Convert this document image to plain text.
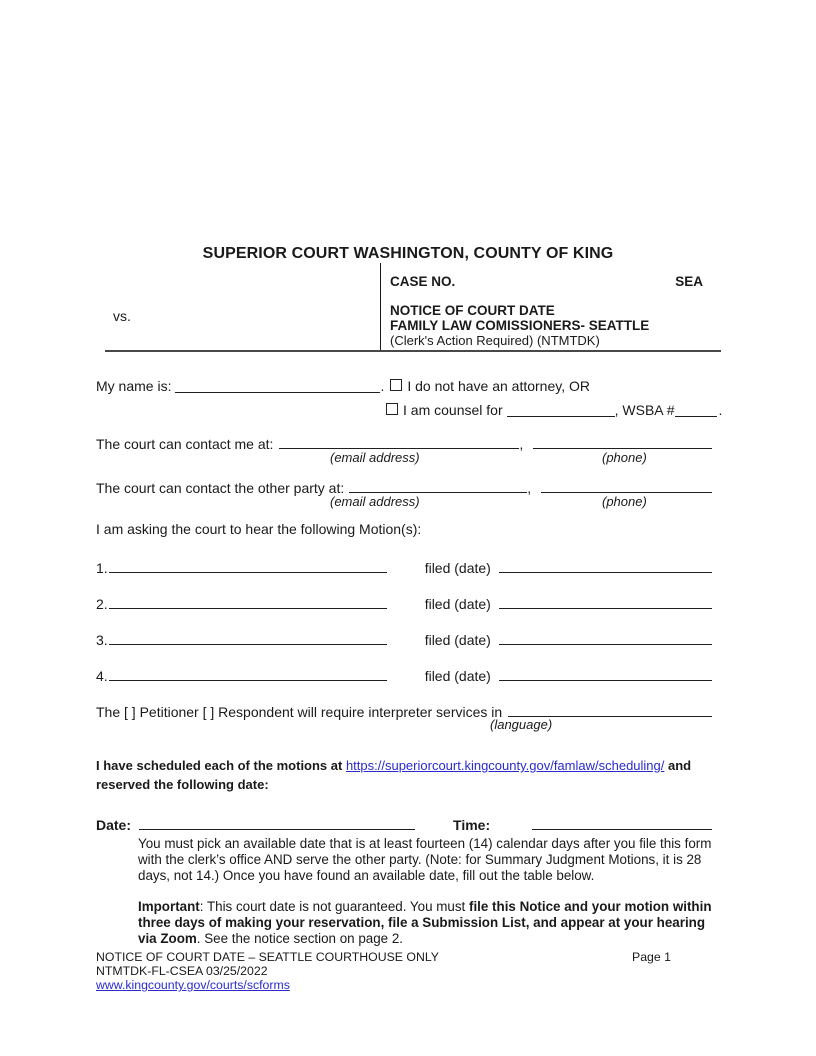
SUPERIOR COURT WASHINGTON, COUNTY OF KING
vs.
CASE NO.	SEA
NOTICE OF COURT DATE
FAMILY LAW COMISSIONERS- SEATTLE
(Clerk's Action Required) (NTMTDK)
My name is:	. I do not have an attorney, OR
I am counsel for	, WSBA #	.
The court can contact me at:	,
(email address)	(phone)
The court can contact the other party at:	,
(email address)	(phone)
I am asking the court to hear the following Motion(s):
1.	filed (date)
2.	filed (date)
3.	filed (date)
4.	filed (date)
The [ ] Petitioner [ ] Respondent will require interpreter services in
(language)
I have scheduled each of the motions at https://superiorcourt.kingcounty.gov/famlaw/scheduling/ and
reserved the following date:
Date:	Time:
You must pick an available date that is at least fourteen (14) calendar days after you file this form
with the clerk’s office AND serve the other party. (Note: for Summary Judgment Motions, it is 28
days, not 14.) Once you have found an available date, fill out the table below.
Important: This court date is not guaranteed. You must file this Notice and your motion within
three days of making your reservation, file a Submission List, and appear at your hearing
via Zoom. See the notice section on page 2.
NOTICE OF COURT DATE – SEATTLE COURTHOUSE ONLY	Page 1
NTMTDK-FL-CSEA 03/25/2022
www.kingcounty.gov/courts/scforms
